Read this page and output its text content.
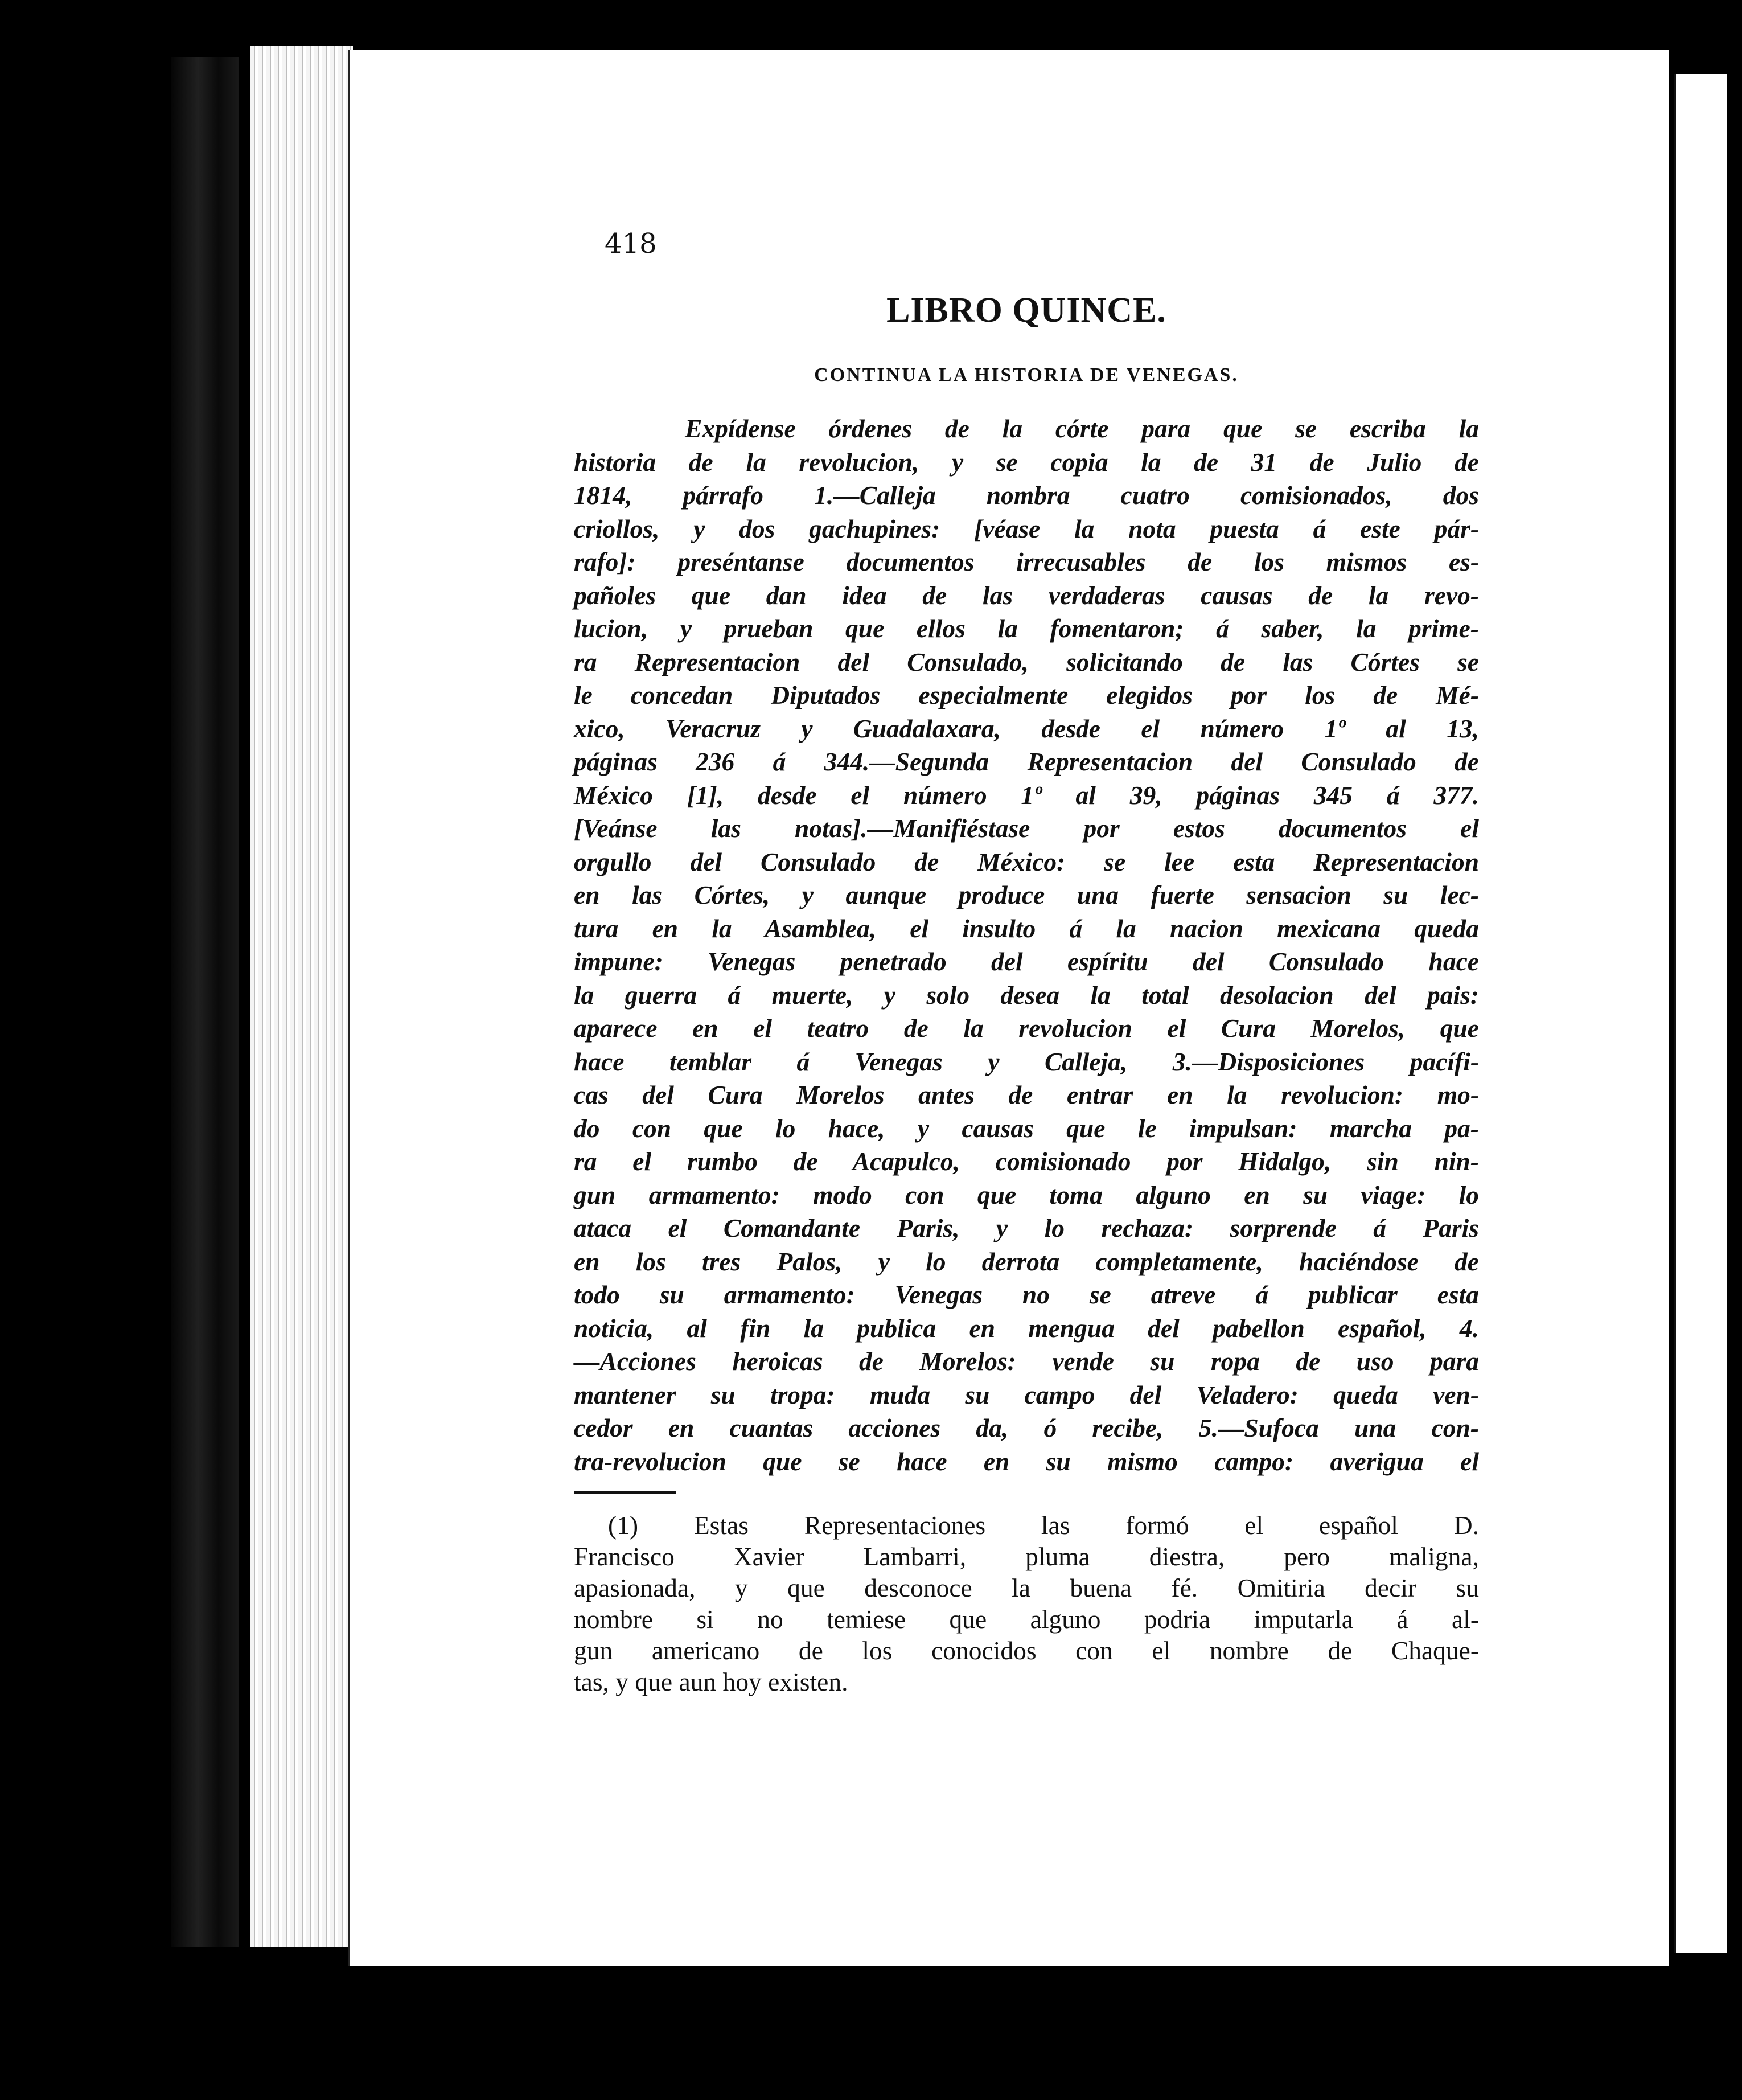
418

LIBRO QUINCE.
CONTINUA LA HISTORIA DE VENEGAS.

Expídense órdenes de la córte para que se escriba la
historia de la revolucion, y se copia la de 31 de Julio de
1814, párrafo 1.—Calleja nombra cuatro comisionados, dos
criollos, y dos gachupines: [véase la nota puesta á este pár-
rafo]: preséntanse documentos irrecusables de los mismos es-
pañoles que dan idea de las verdaderas causas de la revo-
lucion, y prueban que ellos la fomentaron; á saber, la prime-
ra Representacion del Consulado, solicitando de las Córtes se
le concedan Diputados especialmente elegidos por los de Mé-
xico, Veracruz y Guadalaxara, desde el número 1º al 13,
páginas 236 á 344.—Segunda Representacion del Consulado de
México [1], desde el número 1º al 39, páginas 345 á 377.
[Veánse las notas].—Manifiéstase por estos documentos el
orgullo del Consulado de México: se lee esta Representacion
en las Córtes, y aunque produce una fuerte sensacion su lec-
tura en la Asamblea, el insulto á la nacion mexicana queda
impune: Venegas penetrado del espíritu del Consulado hace
la guerra á muerte, y solo desea la total desolacion del pais:
aparece en el teatro de la revolucion el Cura Morelos, que
hace temblar á Venegas y Calleja, 3.—Disposiciones pacífi-
cas del Cura Morelos antes de entrar en la revolucion: mo-
do con que lo hace, y causas que le impulsan: marcha pa-
ra el rumbo de Acapulco, comisionado por Hidalgo, sin nin-
gun armamento: modo con que toma alguno en su viage: lo
ataca el Comandante Paris, y lo rechaza: sorprende á Paris
en los tres Palos, y lo derrota completamente, haciéndose de
todo su armamento: Venegas no se atreve á publicar esta
noticia, al fin la publica en mengua del pabellon español, 4.
—Acciones heroicas de Morelos: vende su ropa de uso para
mantener su tropa: muda su campo del Veladero: queda ven-
cedor en cuantas acciones da, ó recibe, 5.—Sufoca una con-
tra-revolucion que se hace en su mismo campo: averigua el

(1) Estas Representaciones las formó el español D.
Francisco Xavier Lambarri, pluma diestra, pero maligna,
apasionada, y que desconoce la buena fé. Omitiria decir su
nombre si no temiese que alguno podria imputarla á al-
gun americano de los conocidos con el nombre de Chaque-
tas, y que aun hoy existen.
